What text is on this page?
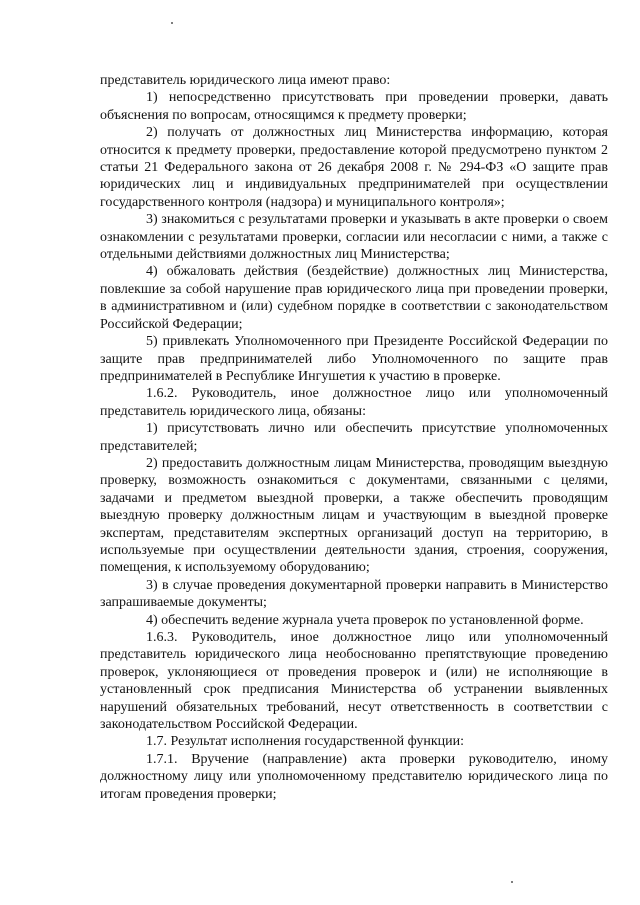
представитель юридического лица имеют право:

1) непосредственно присутствовать при проведении проверки, давать объяснения по вопросам, относящимся к предмету проверки;

2) получать от должностных лиц Министерства информацию, которая относится к предмету проверки, предоставление которой предусмотрено пунктом 2 статьи 21 Федерального закона от 26 декабря 2008 г. № 294-ФЗ «О защите прав юридических лиц и индивидуальных предпринимателей при осуществлении государственного контроля (надзора) и муниципального контроля»;

3) знакомиться с результатами проверки и указывать в акте проверки о своем ознакомлении с результатами проверки, согласии или несогласии с ними, а также с отдельными действиями должностных лиц Министерства;

4) обжаловать действия (бездействие) должностных лиц Министерства, повлекшие за собой нарушение прав юридического лица при проведении проверки, в административном и (или) судебном порядке в соответствии с законодательством Российской Федерации;

5) привлекать Уполномоченного при Президенте Российской Федерации по защите прав предпринимателей либо Уполномоченного по защите прав предпринимателей в Республике Ингушетия к участию в проверке.

1.6.2. Руководитель, иное должностное лицо или уполномоченный представитель юридического лица, обязаны:

1) присутствовать лично или обеспечить присутствие уполномоченных представителей;

2) предоставить должностным лицам Министерства, проводящим выездную проверку, возможность ознакомиться с документами, связанными с целями, задачами и предметом выездной проверки, а также обеспечить проводящим выездную проверку должностным лицам и участвующим в выездной проверке экспертам, представителям экспертных организаций доступ на территорию, в используемые при осуществлении деятельности здания, строения, сооружения, помещения, к используемому оборудованию;

3) в случае проведения документарной проверки направить в Министерство запрашиваемые документы;

4) обеспечить ведение журнала учета проверок по установленной форме.

1.6.3. Руководитель, иное должностное лицо или уполномоченный представитель юридического лица необоснованно препятствующие проведению проверок, уклоняющиеся от проведения проверок и (или) не исполняющие в установленный срок предписания Министерства об устранении выявленных нарушений обязательных требований, несут ответственность в соответствии с законодательством Российской Федерации.

1.7. Результат исполнения государственной функции:

1.7.1. Вручение (направление) акта проверки руководителю, иному должностному лицу или уполномоченному представителю юридического лица по итогам проведения проверки;
